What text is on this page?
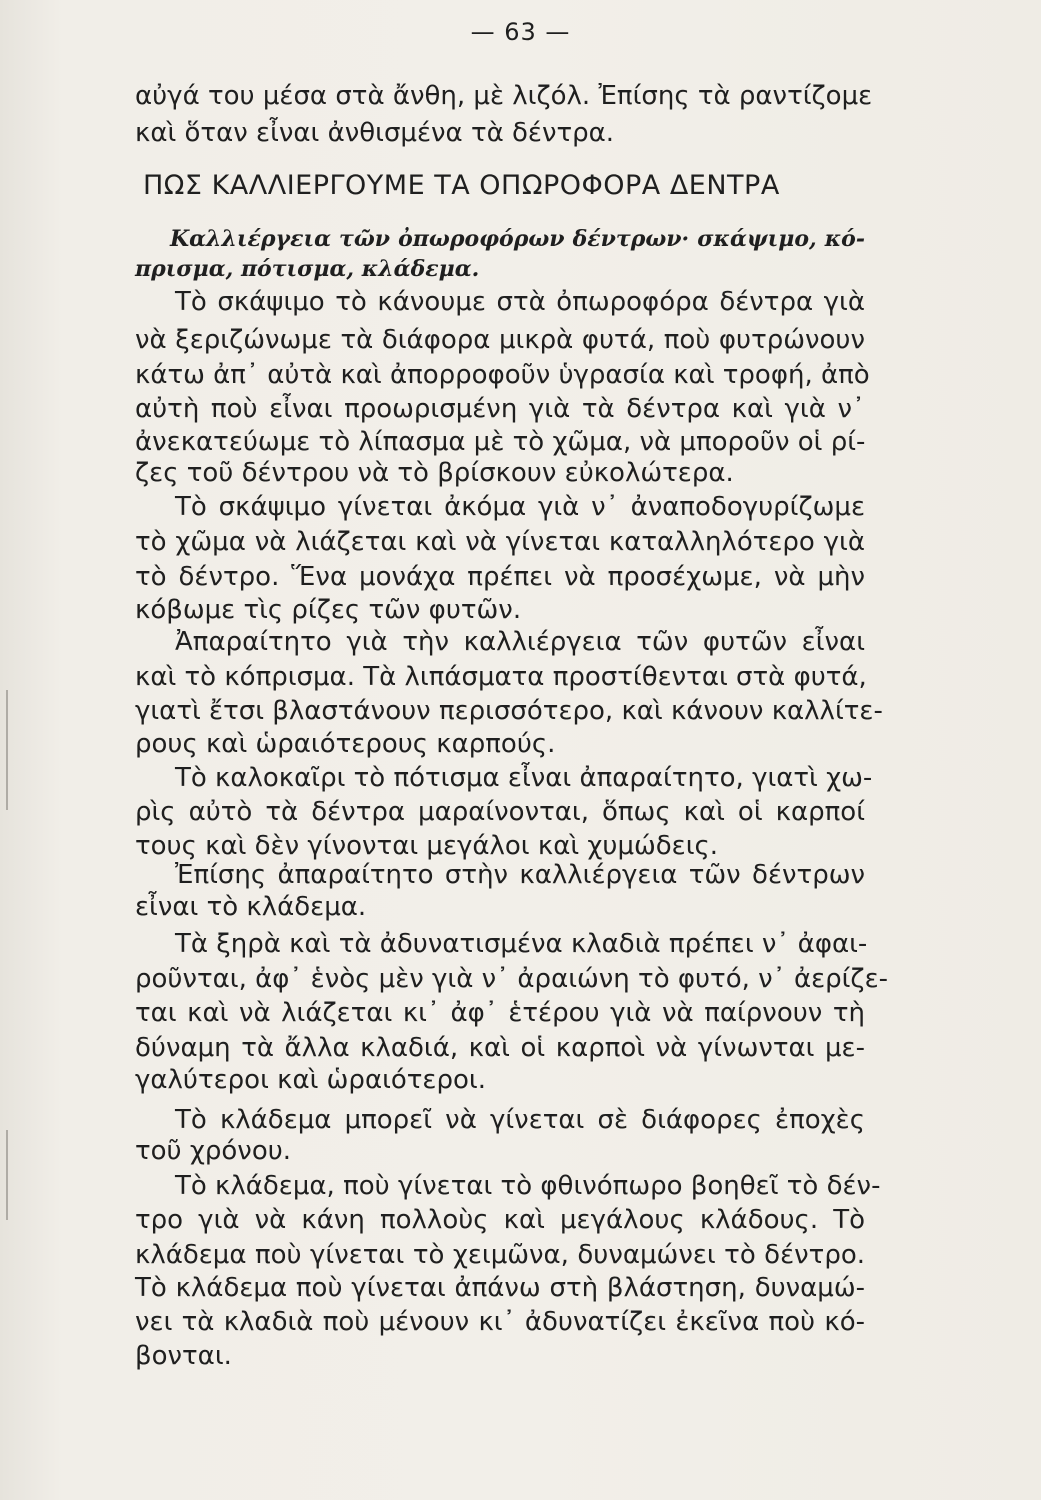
— 63 —
αὐγά του μέσα στὰ ἄνθη, μὲ λιζόλ. Ἐπίσης τὰ ραντίζομε
καὶ ὅταν εἶναι ἀνθισμένα τὰ δέντρα.
ΠΩΣ ΚΑΛΛΙΕΡΓΟΥΜΕ ΤΑ ΟΠΩΡΟΦΟΡΑ ΔΕΝΤΡΑ
Καλλιέργεια τῶν ὀπωροφόρων δέντρων· σκάψιμο, κό-
πρισμα, πότισμα, κλάδεμα.
Τὸ σκάψιμο τὸ κάνουμε στὰ ὀπωροφόρα δέντρα γιὰ
νὰ ξεριζώνωμε τὰ διάφορα μικρὰ φυτά, ποὺ φυτρώνουν
κάτω ἀπ᾿ αὐτὰ καὶ ἀπορροφοῦν ὑγρασία καὶ τροφή, ἀπὸ
αὐτὴ ποὺ εἶναι προωρισμένη γιὰ τὰ δέντρα καὶ γιὰ ν᾿
ἀνεκατεύωμε τὸ λίπασμα μὲ τὸ χῶμα, νὰ μποροῦν οἱ ρί-
ζες τοῦ δέντρου νὰ τὸ βρίσκουν εὐκολώτερα.
Τὸ σκάψιμο γίνεται ἀκόμα γιὰ ν᾿ ἀναποδογυρίζωμε
τὸ χῶμα νὰ λιάζεται καὶ νὰ γίνεται καταλληλότερο γιὰ
τὸ δέντρο. Ἕνα μονάχα πρέπει νὰ προσέχωμε, νὰ μὴν
κόβωμε τὶς ρίζες τῶν φυτῶν.
Ἀπαραίτητο γιὰ τὴν καλλιέργεια τῶν φυτῶν εἶναι
καὶ τὸ κόπρισμα. Τὰ λιπάσματα προστίθενται στὰ φυτά,
γιατὶ ἔτσι βλαστάνουν περισσότερο, καὶ κάνουν καλλίτε-
ρους καὶ ὡραιότερους καρπούς.
Τὸ καλοκαῖρι τὸ πότισμα εἶναι ἀπαραίτητο, γιατὶ χω-
ρὶς αὐτὸ τὰ δέντρα μαραίνονται, ὅπως καὶ οἱ καρποί
τους καὶ δὲν γίνονται μεγάλοι καὶ χυμώδεις.
Ἐπίσης ἀπαραίτητο στὴν καλλιέργεια τῶν δέντρων
εἶναι τὸ κλάδεμα.
Τὰ ξηρὰ καὶ τὰ ἀδυνατισμένα κλαδιὰ πρέπει ν᾿ ἀφαι-
ροῦνται, ἀφ᾿ ἑνὸς μὲν γιὰ ν᾿ ἀραιώνη τὸ φυτό, ν᾿ ἀερίζε-
ται καὶ νὰ λιάζεται κι᾿ ἀφ᾿ ἑτέρου γιὰ νὰ παίρνουν τὴ
δύναμη τὰ ἄλλα κλαδιά, καὶ οἱ καρποὶ νὰ γίνωνται με-
γαλύτεροι καὶ ὡραιότεροι.
Τὸ κλάδεμα μπορεῖ νὰ γίνεται σὲ διάφορες ἐποχὲς
τοῦ χρόνου.
Τὸ κλάδεμα, ποὺ γίνεται τὸ φθινόπωρο βοηθεῖ τὸ δέν-
τρο γιὰ νὰ κάνη πολλοὺς καὶ μεγάλους κλάδους. Τὸ
κλάδεμα ποὺ γίνεται τὸ χειμῶνα, δυναμώνει τὸ δέντρο.
Τὸ κλάδεμα ποὺ γίνεται ἀπάνω στὴ βλάστηση, δυναμώ-
νει τὰ κλαδιὰ ποὺ μένουν κι᾿ ἀδυνατίζει ἐκεῖνα ποὺ κό-
βονται.
